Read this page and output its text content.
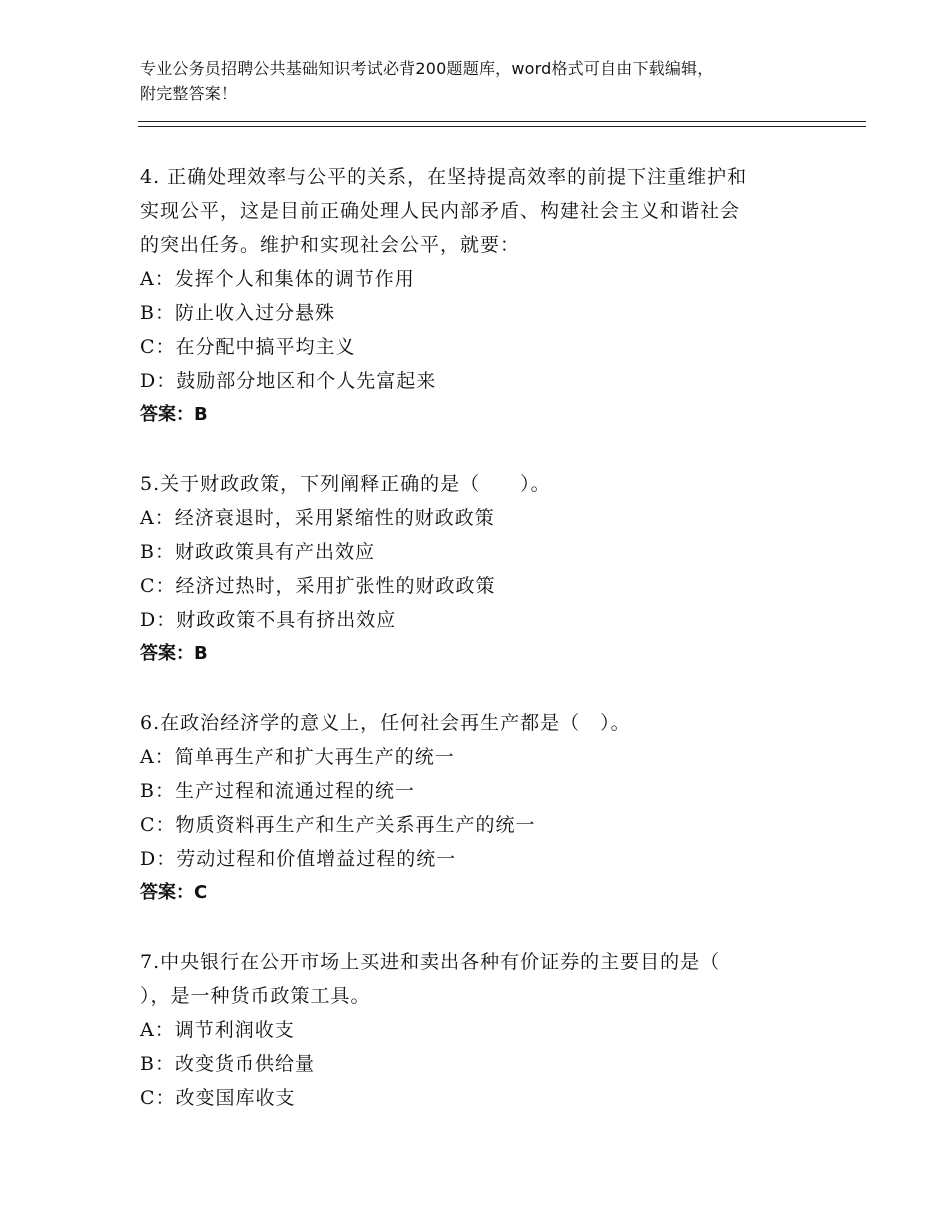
专业公务员招聘公共基础知识考试必背200题题库，word格式可自由下载编辑，
附完整答案！
4. 正确处理效率与公平的关系，在坚持提高效率的前提下注重维护和
实现公平，这是目前正确处理人民内部矛盾、构建社会主义和谐社会
的突出任务。维护和实现社会公平，就要：
A：发挥个人和集体的调节作用
B：防止收入过分悬殊
C：在分配中搞平均主义
D：鼓励部分地区和个人先富起来
答案：B
5.关于财政政策，下列阐释正确的是（　　）。
A：经济衰退时，采用紧缩性的财政政策
B：财政政策具有产出效应
C：经济过热时，采用扩张性的财政政策
D：财政政策不具有挤出效应
答案：B
6.在政治经济学的意义上，任何社会再生产都是（　）。
A：简单再生产和扩大再生产的统一
B：生产过程和流通过程的统一
C：物质资料再生产和生产关系再生产的统一
D：劳动过程和价值增益过程的统一
答案：C
7.中央银行在公开市场上买进和卖出各种有价证券的主要目的是（
），是一种货币政策工具。
A：调节利润收支
B：改变货币供给量
C：改变国库收支
